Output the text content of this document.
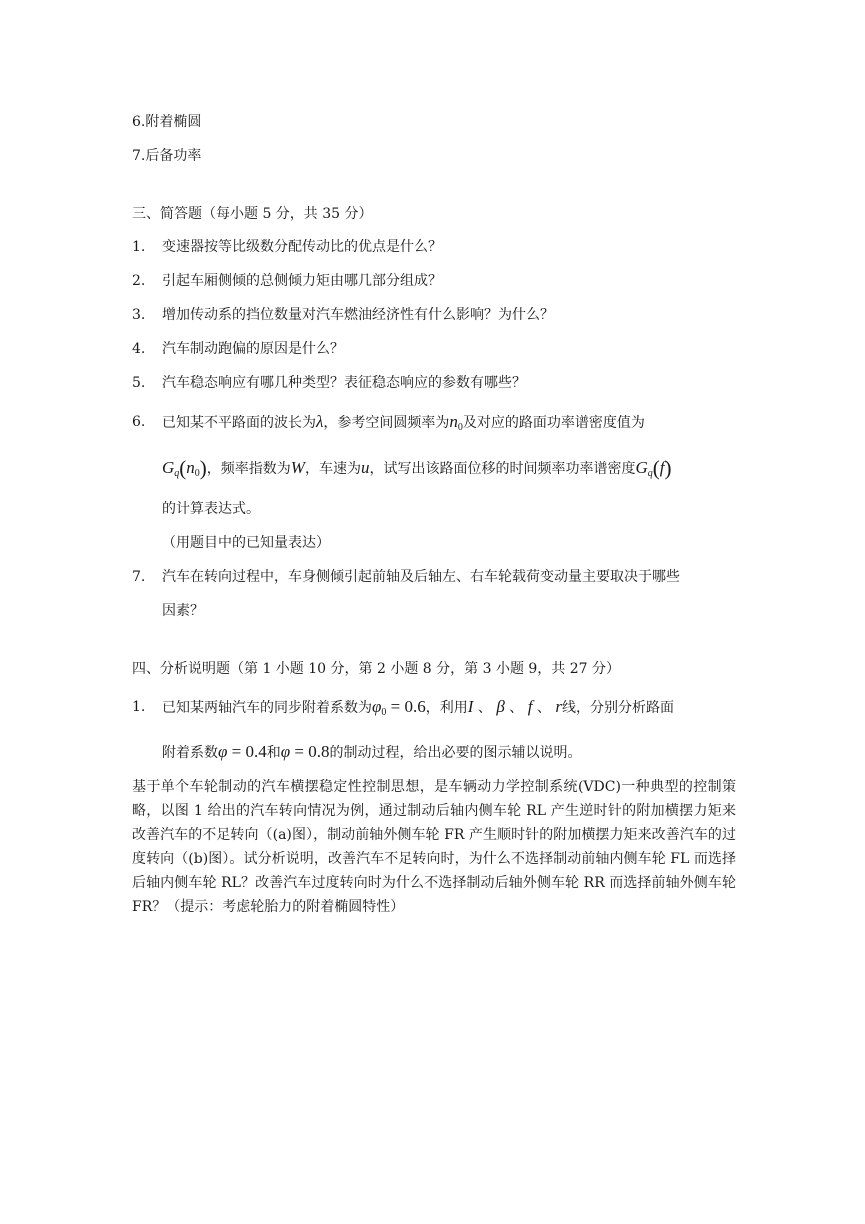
6.附着椭圆
7.后备功率
三、简答题（每小题 5 分，共 35 分）
1. 变速器按等比级数分配传动比的优点是什么？
2. 引起车厢侧倾的总侧倾力矩由哪几部分组成？
3. 增加传动系的挡位数量对汽车燃油经济性有什么影响？为什么？
4. 汽车制动跑偏的原因是什么？
5. 汽车稳态响应有哪几种类型？表征稳态响应的参数有哪些？
6. 已知某不平路面的波长为λ，参考空间圆频率为$n_0$及对应的路面功率谱密度值为
$G_q(n_0)$，频率指数为W，车速为u，试写出该路面位移的时间频率功率谱密度$G_q(f)$
的计算表达式。
（用题目中的已知量表达）
7. 汽车在转向过程中，车身侧倾引起前轴及后轴左、右车轮载荷变动量主要取决于哪些
因素？
四、分析说明题（第 1 小题 10 分，第 2 小题 8 分，第 3 小题 9，共 27 分）
1. 已知某两轴汽车的同步附着系数为$\varphi_0 = 0.6$，利用I 、 β 、 f 、 r线，分别分析路面
附着系数φ = 0.4和φ = 0.8的制动过程，给出必要的图示辅以说明。
基于单个车轮制动的汽车横摆稳定性控制思想，是车辆动力学控制系统(VDC)一种典型的控制策略，以图 1 给出的汽车转向情况为例，通过制动后轴内侧车轮 RL 产生逆时针的附加横摆力矩来改善汽车的不足转向（(a)图），制动前轴外侧车轮 FR 产生顺时针的附加横摆力矩来改善汽车的过度转向（(b)图）。试分析说明，改善汽车不足转向时，为什么不选择制动前轴内侧车轮 FL 而选择后轴内侧车轮 RL？改善汽车过度转向时为什么不选择制动后轴外侧车轮 RR 而选择前轴外侧车轮 FR？（提示：考虑轮胎力的附着椭圆特性）
